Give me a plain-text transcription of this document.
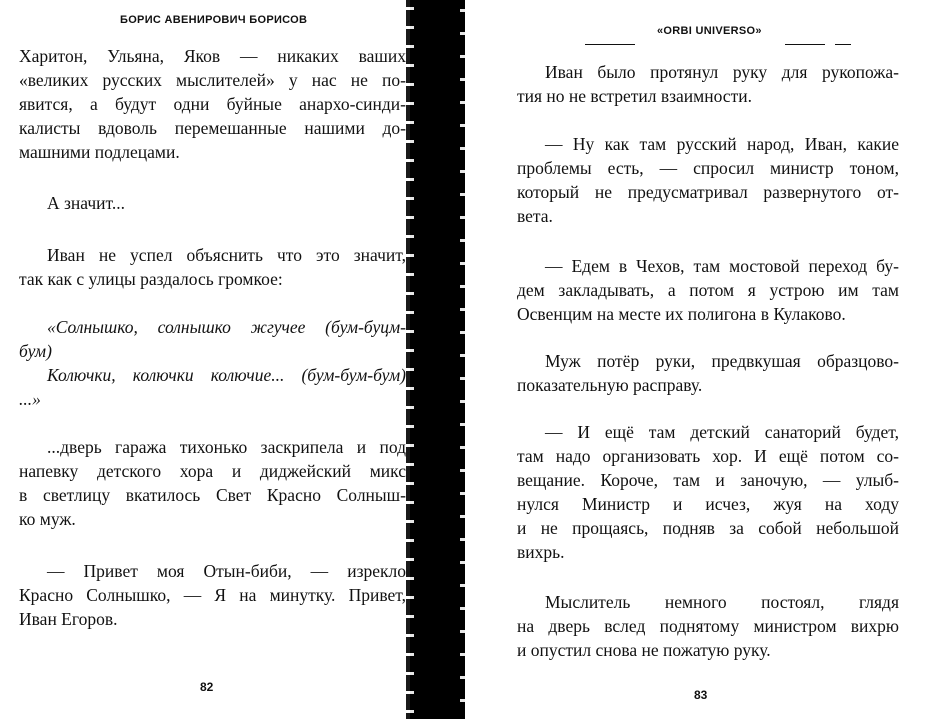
БОРИС АВЕНИРОВИЧ БОРИСОВ
Харитон, Ульяна, Яков — никаких ваших
«великих русских мыслителей» у нас не по-
явится, а будут одни буйные анархо-синди-
калисты вдоволь перемешанные нашими до-
машними подлецами.
А значит...
Иван не успел объяснить что это значит,
так как с улицы раздалось громкое:
«Солнышко, солнышко жгучее (бум-буцм-
бум)
Колючки, колючки колючие... (бум-бум-бум)
...»
...дверь гаража тихонько заскрипела и под
напевку детского хора и диджейский микс
в светлицу вкатилось Свет Красно Солныш-
ко муж.
— Привет моя Отын-биби, — изрекло
Красно Солнышко, — Я на минутку. Привет,
Иван Егоров.
82
«ORBI UNIVERSO»
Иван было протянул руку для рукопожа-
тия но не встретил взаимности.
— Ну как там русский народ, Иван, какие
проблемы есть, — спросил министр тоном,
который не предусматривал развернутого от-
вета.
— Едем в Чехов, там мостовой переход бу-
дем закладывать, а потом я устрою им там
Освенцим на месте их полигона в Кулаково.
Муж потёр руки, предвкушая образцово-
показательную расправу.
— И ещё там детский санаторий будет,
там надо организовать хор. И ещё потом со-
вещание. Короче, там и заночую, — улыб-
нулся Министр и исчез, жуя на ходу
и не прощаясь, подняв за собой небольшой
вихрь.
Мыслитель немного постоял, глядя
на дверь вслед поднятому министром вихрю
и опустил снова не пожатую руку.
83
